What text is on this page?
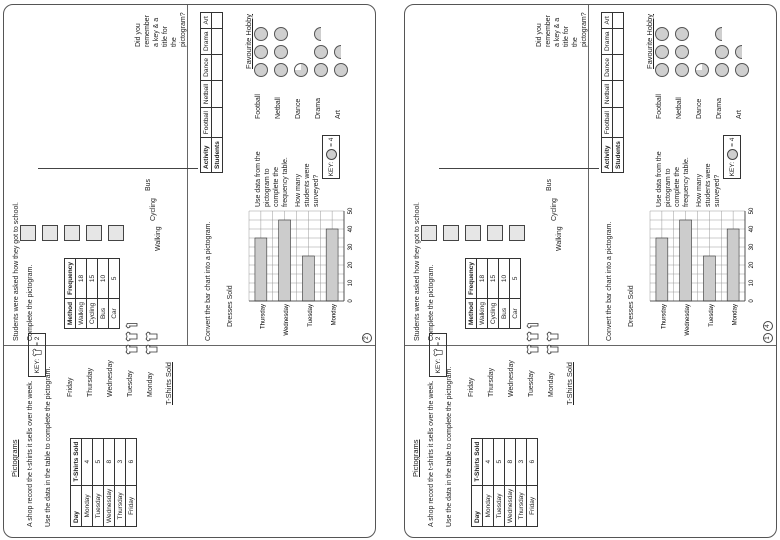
Pictograms A shop record the t-shirts it sells over the week. Use the data in the table to complete the pictogram.	Day	T-Shirts Sold
Monday	4
Tuesday	5
Wednesday	8
Thursday	3
Friday	6
T-Shirts Sold
Monday
Tuesday
Wednesday
Thursday
Friday
KEY:
= 2
Students were asked how they got to school. Complete the pictogram.	Method	Frequency
Walking	18
Cycling	15
Bus	10
Car	5
Walking
Cycling
Bus
Did you remember a key & a title for the pictogram?
2
Activity	Football	Netball	Dance	Drama	Art
Students						Use data from the pictogram to complete the frequency table. How many students were surveyed?
KEY:
= 4
Favourite Hobby
Football Netball Dance Drama Art
Convert the bar chart into a pictogram. Dresses Sold	0
10
20
30
40
50
Monday
Tuesday
Wednesday
Thursday
Pictograms A shop record the t-shirts it sells over the week. Use the data in the table to complete the pictogram.	Day	T-Shirts Sold
Monday	4
Tuesday	5
Wednesday	8
Thursday	3
Friday	6
T-Shirts Sold
Monday
Tuesday
Wednesday
Thursday
Friday
KEY:
= 2
Students were asked how they got to school. Complete the pictogram.	Method	Frequency
Walking	18
Cycling	15
Bus	10
Car	5
Walking
Cycling
Bus
Did you remember a key & a title for the pictogram?
1
4
Activity	Football	Netball	Dance	Drama	Art
Students						Use data from the pictogram to complete the frequency table. How many students were surveyed?
KEY:
= 4
Favourite Hobby
Football Netball Dance Drama Art
Convert the bar chart into a pictogram. Dresses Sold	0
10
20
30
40
50
Monday
Tuesday
Wednesday
Thursday
